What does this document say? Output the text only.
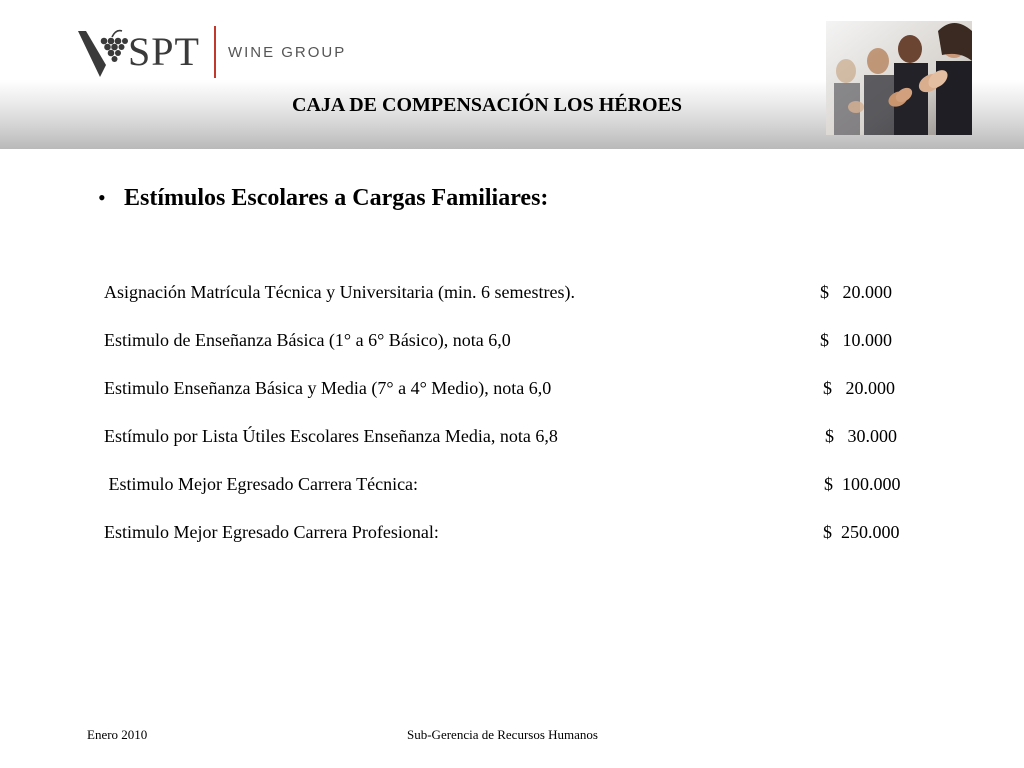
SPT WINE GROUP
CAJA DE COMPENSACIÓN LOS HÉROES
• Estímulos Escolares a Cargas Familiares:
Asignación Matrícula Técnica y Universitaria (min. 6 semestres).	$   20.000
Estimulo de Enseñanza Básica (1° a 6° Básico), nota 6,0	$   10.000
Estimulo Enseñanza Básica y Media (7° a 4° Medio), nota 6,0	$   20.000
Estímulo por Lista Útiles Escolares Enseñanza Media, nota 6,8	$   30.000
Estimulo Mejor Egresado Carrera Técnica:	$  100.000
Estimulo Mejor Egresado Carrera Profesional:	$  250.000
Enero 2010	Sub-Gerencia de Recursos Humanos
